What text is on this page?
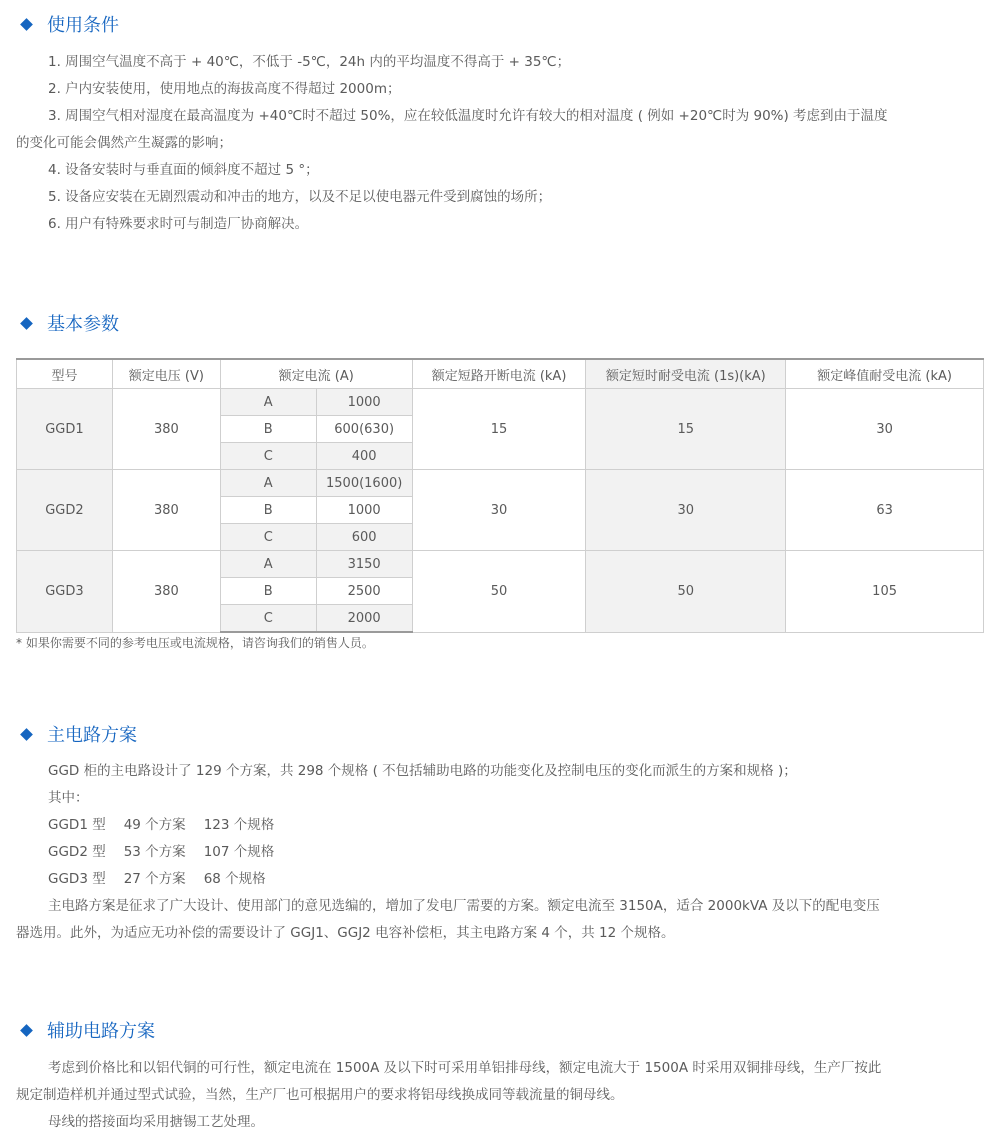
使用条件

1. 周围空气温度不高于 + 40℃，不低于 -5℃，24h 内的平均温度不得高于 + 35℃；

2. 户内安装使用，使用地点的海拔高度不得超过 2000m；

3. 周围空气相对湿度在最高温度为 +40℃时不超过 50%，应在较低温度时允许有较大的相对温度 ( 例如 +20℃时为 90%) 考虑到由于温度

的变化可能会偶然产生凝露的影响；

4. 设备安装时与垂直面的倾斜度不超过 5 °；

5. 设备应安装在无剧烈震动和冲击的地方，以及不足以使电器元件受到腐蚀的场所；

6. 用户有特殊要求时可与制造厂协商解决。

基本参数
型号	额定电压 (V)	额定电流 (A)		额定短路开断电流 (kA)	额定短时耐受电流 (1s)(kA)	额定峰值耐受电流 (kA)
GGD1	380	A	1000	15	15	30
		B	600(630)			
		C	400			
GGD2	380	A	1500(1600)	30	30	63
		B	1000			
		C	600			
GGD3	380	A	3150	50	50	105
		B	2500			
		C	2000			
* 如果你需要不同的参考电压或电流规格，请咨询我们的销售人员。
主电路方案

GGD 柜的主电路设计了 129 个方案，共 298 个规格 ( 不包括辅助电路的功能变化及控制电压的变化而派生的方案和规格 )；

其中：

GGD1 型 49 个方案 123 个规格

GGD2 型 53 个方案 107 个规格

GGD3 型 27 个方案 68 个规格

主电路方案是征求了广大设计、使用部门的意见选编的，增加了发电厂需要的方案。额定电流至 3150A，适合 2000kVA 及以下的配电变压

器选用。此外，为适应无功补偿的需要设计了 GGJ1、GGJ2 电容补偿柜，其主电路方案 4 个，共 12 个规格。

辅助电路方案

考虑到价格比和以铝代铜的可行性，额定电流在 1500A 及以下时可采用单铝排母线，额定电流大于 1500A 时采用双铜排母线，生产厂按此

规定制造样机并通过型式试验，当然，生产厂也可根据用户的要求将铝母线换成同等载流量的铜母线。

母线的搭接面均采用搪锡工艺处理。
